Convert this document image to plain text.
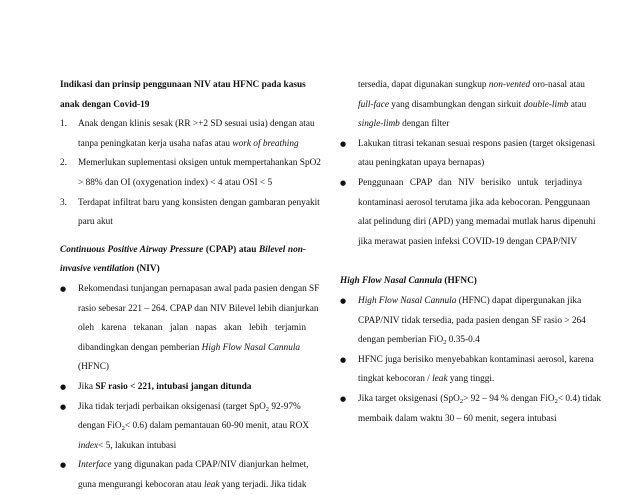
Indikasi dan prinsip penggunaan NIV atau HFNC pada kasus
anak dengan Covid-19
1. Anak dengan klinis sesak (RR >+2 SD sesuai usia) dengan atau
tanpa peningkatan kerja usaha nafas atau work of breathing
2. Memerlukan suplementasi oksigen untuk mempertahankan SpO2
> 88% dan OI (oxygenation index) < 4 atau OSI < 5
3. Terdapat infiltrat baru yang konsisten dengan gambaran penyakit
paru akut
Continuous Positive Airway Pressure (CPAP) atau Bilevel non-
invasive ventilation (NIV)
● Rekomendasi tunjangan pernapasan awal pada pasien dengan SF
rasio sebesar 221 – 264. CPAP dan NIV Bilevel lebih dianjurkan
oleh karena tekanan jalan napas akan lebih terjamin
dibandingkan dengan pemberian High Flow Nasal Cannula
(HFNC)
● Jika SF rasio < 221, intubasi jangan ditunda
● Jika tidak terjadi perbaikan oksigenasi (target SpO$_2$ 92-97%
dengan FiO$_2$< 0.6) dalam pemantauan 60-90 menit, atau ROX
index< 5, lakukan intubasi
● Interface yang digunakan pada CPAP/NIV dianjurkan helmet,
guna mengurangi kebocoran atau leak yang terjadi. Jika tidak
tersedia, dapat digunakan sungkup non-vented oro-nasal atau
full-face yang disambungkan dengan sirkuit double-limb atau
single-limb dengan filter
● Lakukan titrasi tekanan sesuai respons pasien (target oksigenasi
atau peningkatan upaya bernapas)
● Penggunaan CPAP dan NIV berisiko untuk terjadinya
kontaminasi aerosol terutama jika ada kebocoran. Penggunaan
alat pelindung diri (APD) yang memadai mutlak harus dipenuhi
jika merawat pasien infeksi COVID-19 dengan CPAP/NIV
High Flow Nasal Cannula (HFNC)
● High Flow Nasal Cannula (HFNC) dapat dipergunakan jika
CPAP/NIV tidak tersedia, pada pasien dengan SF rasio > 264
dengan pemberian FiO$_2$ 0.35-0.4
● HFNC juga berisiko menyebabkan kontaminasi aerosol, karena
tingkat kebocoran / leak yang tinggi.
● Jika target oksigenasi (SpO$_2$> 92 – 94 % dengan FiO$_2$< 0.4) tidak
membaik dalam waktu 30 – 60 menit, segera intubasi
